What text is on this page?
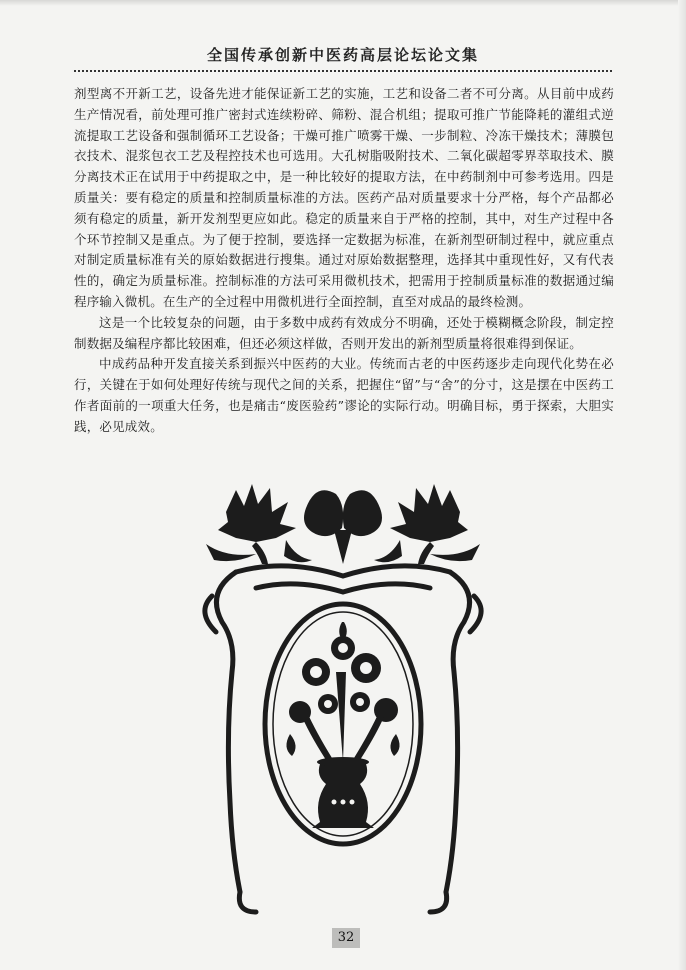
全国传承创新中医药高层论坛论文集

剂型离不开新工艺，设备先进才能保证新工艺的实施，工艺和设备二者不可分离。从目前中成药生产情况看，前处理可推广密封式连续粉碎、筛粉、混合机组；提取可推广节能降耗的灌组式逆流提取工艺设备和强制循环工艺设备；干燥可推广喷雾干燥、一步制粒、冷冻干燥技术；薄膜包衣技术、混浆包衣工艺及程控技术也可选用。大孔树脂吸附技术、二氧化碳超零界萃取技术、膜分离技术正在试用于中药提取之中，是一种比较好的提取方法，在中药制剂中可参考选用。四是质量关：要有稳定的质量和控制质量标准的方法。医药产品对质量要求十分严格，每个产品都必须有稳定的质量，新开发剂型更应如此。稳定的质量来自于严格的控制，其中，对生产过程中各个环节控制又是重点。为了便于控制，要选择一定数据为标准，在新剂型研制过程中，就应重点对制定质量标准有关的原始数据进行搜集。通过对原始数据整理，选择其中重现性好，又有代表性的，确定为质量标准。控制标准的方法可采用微机技术，把需用于控制质量标准的数据通过编程序输入微机。在生产的全过程中用微机进行全面控制，直至对成品的最终检测。

这是一个比较复杂的问题，由于多数中成药有效成分不明确，还处于模糊概念阶段，制定控制数据及编程序都比较困难，但还必须这样做，否则开发出的新剂型质量将很难得到保证。

中成药品种开发直接关系到振兴中医药的大业。传统而古老的中医药逐步走向现代化势在必行，关键在于如何处理好传统与现代之间的关系，把握住“留”与“舍”的分寸，这是摆在中医药工作者面前的一项重大任务，也是痛击“废医验药”谬论的实际行动。明确目标，勇于探索，大胆实践，必见成效。

32
